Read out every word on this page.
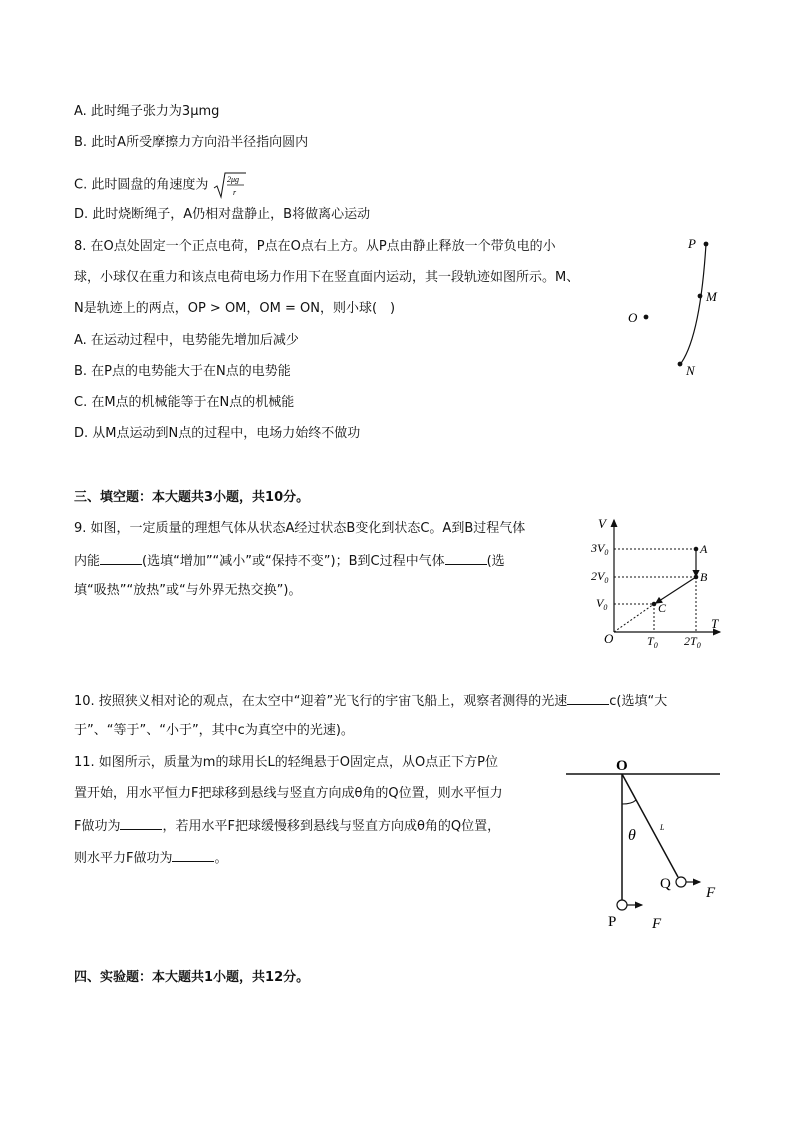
A. 此时绳子张力为3μmg
B. 此时A所受摩擦力方向沿半径指向圆内
C. 此时圆盘的角速度为 2μg
r
D. 此时烧断绳子，A仍相对盘静止，B将做离心运动
8. 在O点处固定一个正点电荷，P点在O点右上方。从P点由静止释放一个带负电的小
球，小球仅在重力和该点电荷电场力作用下在竖直面内运动，其一段轨迹如图所示。M、
N是轨迹上的两点，OP > OM，OM = ON，则小球(　)
A. 在运动过程中，电势能先增加后减少
B. 在P点的电势能大于在N点的电势能
C. 在M点的机械能等于在N点的机械能
D. 从M点运动到N点的过程中，电场力始终不做功
P
M
O
N
三、填空题：本大题共3小题，共10分。
9. 如图，一定质量的理想气体从状态A经过状态B变化到状态C。A到B过程气体
内能	(选填“增加”“减小”或“保持不变”)；B到C过程中气体	(选
填“吸热”“放热”或“与外界无热交换”)。
V
T
O
$3V_0$
$2V_0$
$V_0$
$T_0$ $2T_0$
A
B
C
10. 按照狭义相对论的观点，在太空中“迎着”光飞行的宇宙飞船上，观察者测得的光速	c(选填“大
于”、“等于”、“小于”，其中c为真空中的光速)。
11. 如图所示，质量为m的球用长L的轻绳悬于O固定点，从O点正下方P位
置开始，用水平恒力F把球移到悬线与竖直方向成θ角的Q位置，则水平恒力
F做功为	，若用水平F把球缓慢移到悬线与竖直方向成θ角的Q位置，
则水平力F做功为	。
O
θ	L
Q
P
F
F
四、实验题：本大题共1小题，共12分。
